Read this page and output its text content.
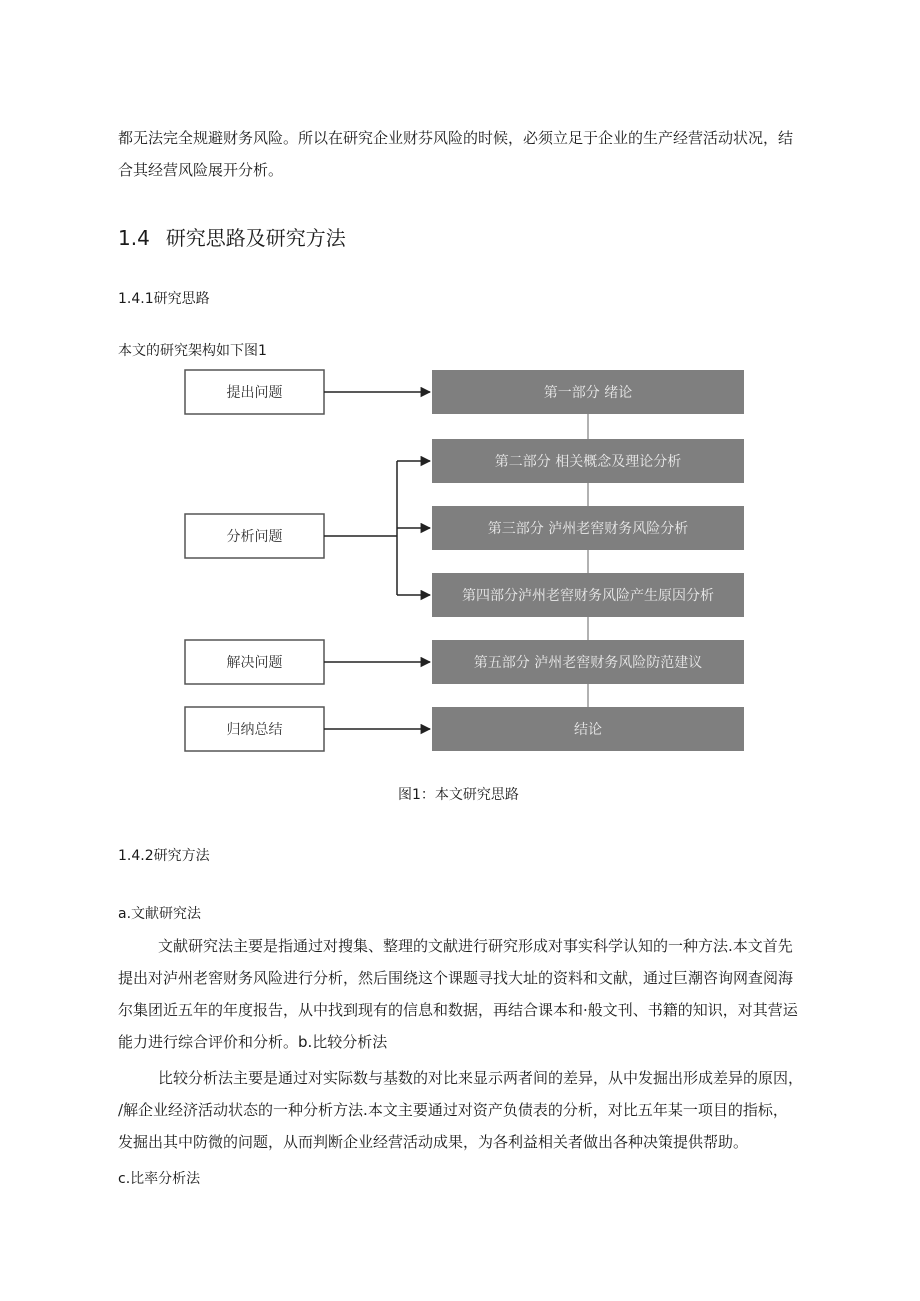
都无法完全规避财务风险。所以在研究企业财芬风险的时候，必须立足于企业的生产经营活动状况，结
合其经营风险展开分析。
1.4 研究思路及研究方法
1.4.1研究思路
本文的研究架构如下图1
提出问题
分析问题
解决问题
归纳总结
第一部分 绪论
第二部分 相关概念及理论分析
第三部分 泸州老窖财务风险分析
第四部分泸州老窖财务风险产生原因分析
第五部分 泸州老窖财务风险防范建议
结论
图1：本文研究思路
1.4.2研究方法
a.文献研究法
文献研究法主要是指通过对搜集、整理的文献进行研究形成对事实科学认知的一种方法.本文首先
提出对泸州老窖财务风险进行分析，然后围绕这个课题寻找大址的资料和文献，通过巨潮咨询网查阅海
尔集团近五年的年度报告，从中找到现有的信息和数据，再结合课本和·般文刊、书籍的知识，对其营运
能力进行综合评价和分析。b.比较分析法
比较分析法主要是通过对实际数与基数的对比来显示两者间的差异，从中发掘出形成差异的原因，
/解企业经济活动状态的一种分析方法.本文主要通过对资产负债表的分析，对比五年某一项目的指标，
发掘出其中防微的问题，从而判断企业经营活动成果，为各利益相关者做出各种决策提供帮助。
c.比率分析法
